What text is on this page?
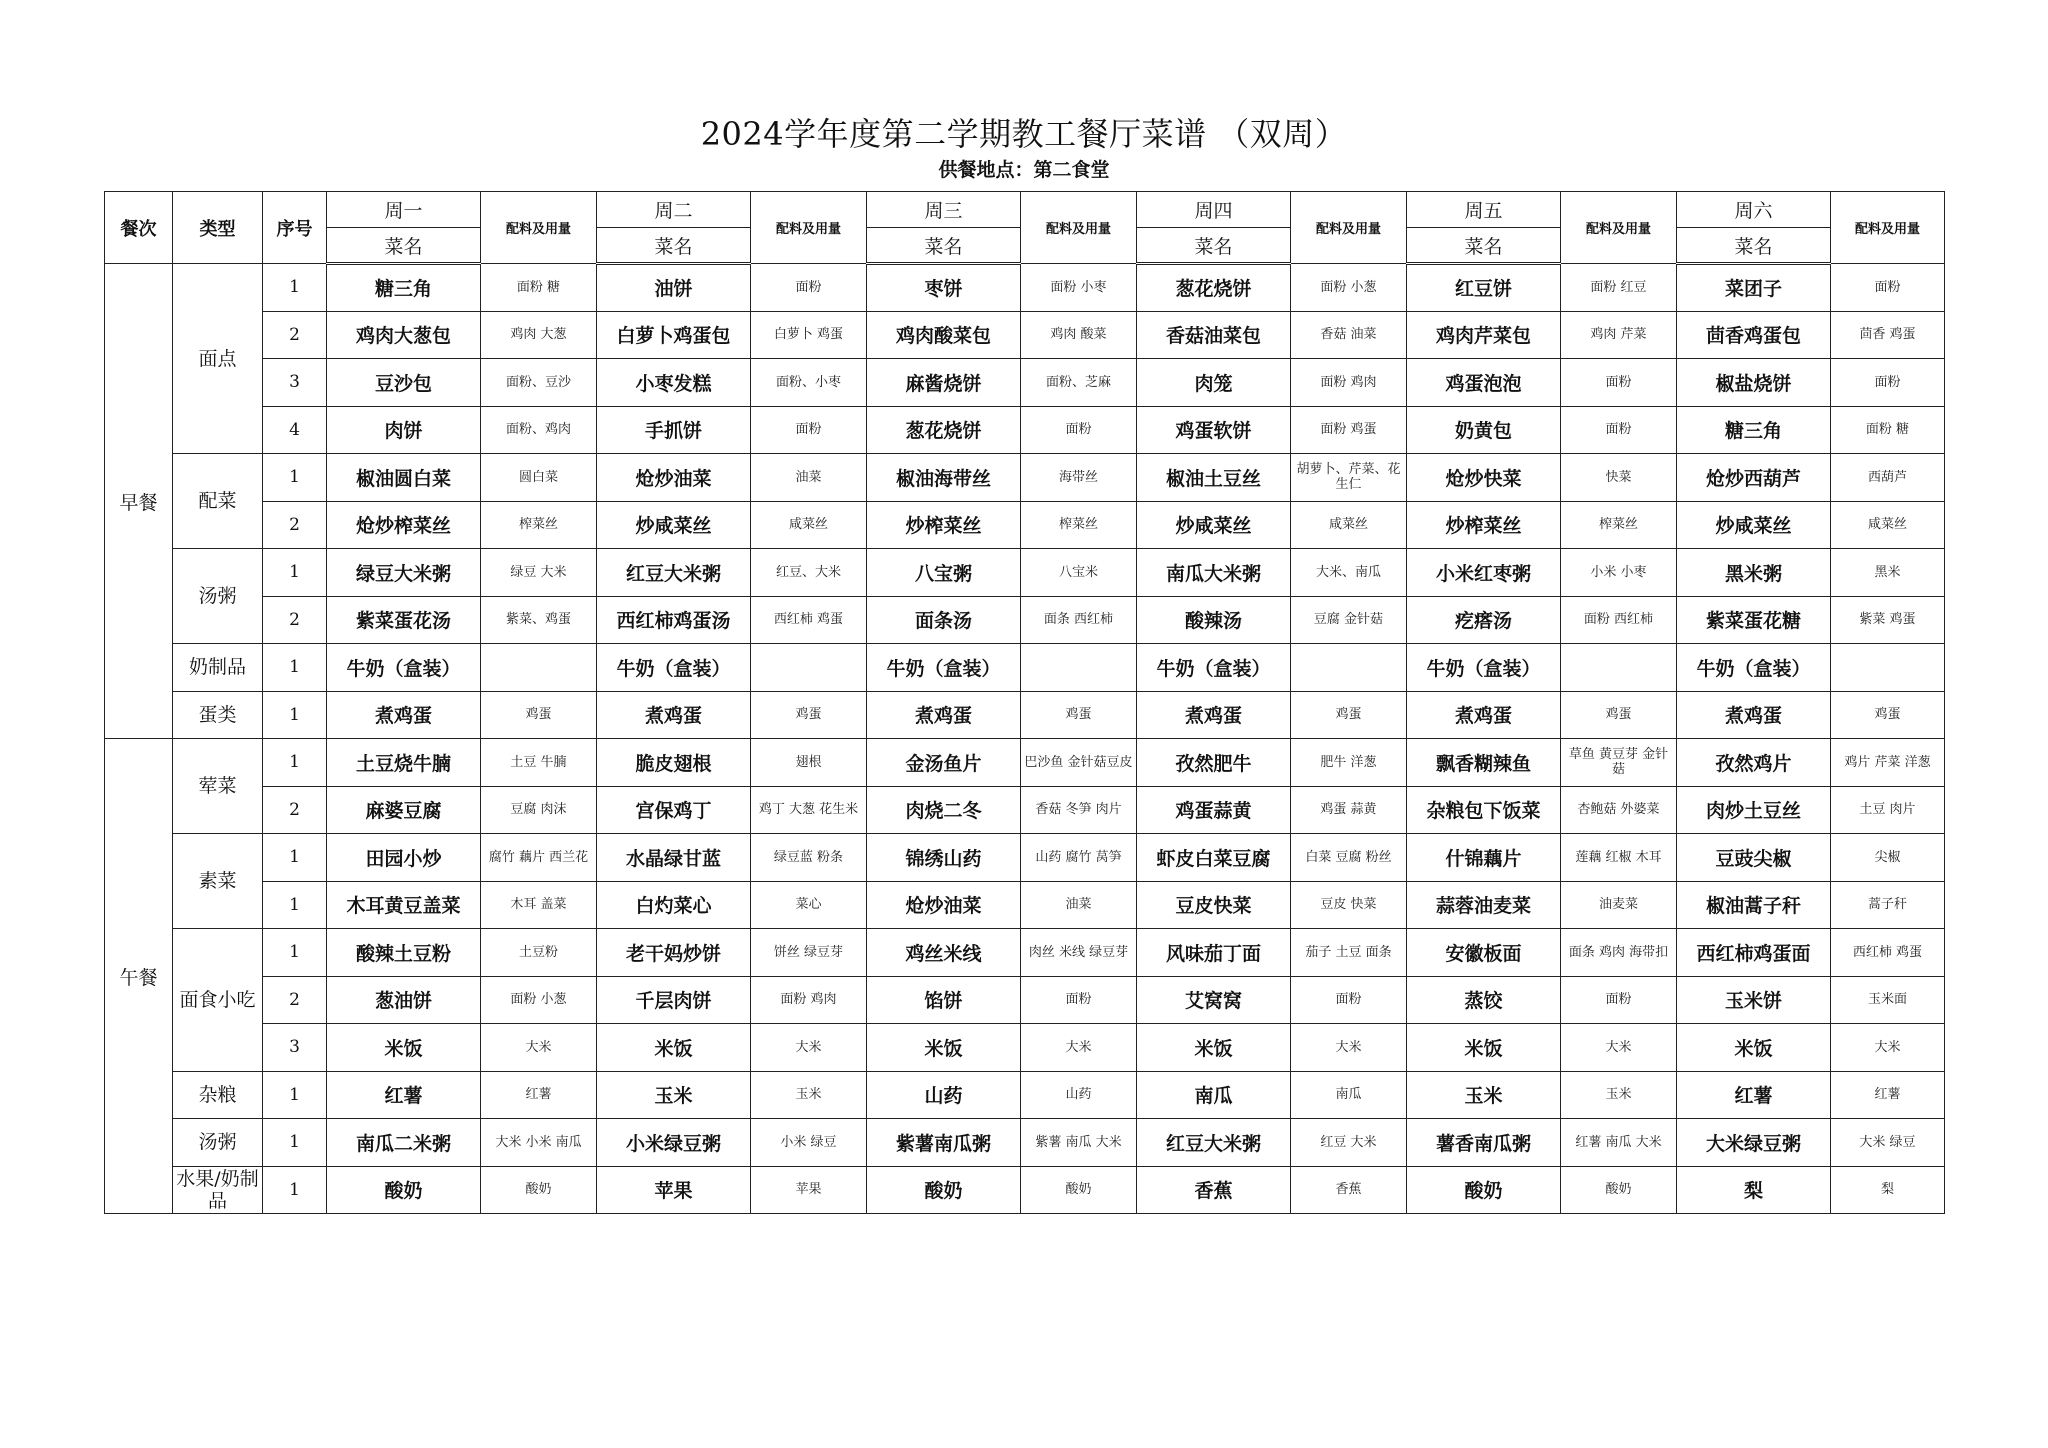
2024学年度第二学期教工餐厅菜谱 （双周）
供餐地点：第二食堂
餐次	类型	序号	周一	配料及用量	周二	配料及用量	周三	配料及用量	周四	配料及用量	周五	配料及用量	周六	配料及用量
			菜名		菜名		菜名		菜名		菜名		菜名	
早餐	面点	1	糖三角	面粉 糖	油饼	面粉	枣饼	面粉 小枣	葱花烧饼	面粉 小葱	红豆饼	面粉 红豆	菜团子	面粉
		2	鸡肉大葱包	鸡肉 大葱	白萝卜鸡蛋包	白萝卜 鸡蛋	鸡肉酸菜包	鸡肉 酸菜	香菇油菜包	香菇 油菜	鸡肉芹菜包	鸡肉 芹菜	茴香鸡蛋包	茴香 鸡蛋
		3	豆沙包	面粉、豆沙	小枣发糕	面粉、小枣	麻酱烧饼	面粉、芝麻	肉笼	面粉 鸡肉	鸡蛋泡泡	面粉	椒盐烧饼	面粉
		4	肉饼	面粉、鸡肉	手抓饼	面粉	葱花烧饼	面粉	鸡蛋软饼	面粉 鸡蛋	奶黄包	面粉	糖三角	面粉 糖
	配菜	1	椒油圆白菜	圆白菜	炝炒油菜	油菜	椒油海带丝	海带丝	椒油土豆丝	胡萝卜、芹菜、花生仁	炝炒快菜	快菜	炝炒西葫芦	西葫芦
		2	炝炒榨菜丝	榨菜丝	炒咸菜丝	咸菜丝	炒榨菜丝	榨菜丝	炒咸菜丝	咸菜丝	炒榨菜丝	榨菜丝	炒咸菜丝	咸菜丝
	汤粥	1	绿豆大米粥	绿豆 大米	红豆大米粥	红豆、大米	八宝粥	八宝米	南瓜大米粥	大米、南瓜	小米红枣粥	小米 小枣	黑米粥	黑米
		2	紫菜蛋花汤	紫菜、鸡蛋	西红柿鸡蛋汤	西红柿 鸡蛋	面条汤	面条 西红柿	酸辣汤	豆腐 金针菇	疙瘩汤	面粉 西红柿	紫菜蛋花糖	紫菜 鸡蛋
	奶制品	1	牛奶（盒装）		牛奶（盒装）		牛奶（盒装）		牛奶（盒装）		牛奶（盒装）		牛奶（盒装）	
	蛋类	1	煮鸡蛋	鸡蛋	煮鸡蛋	鸡蛋	煮鸡蛋	鸡蛋	煮鸡蛋	鸡蛋	煮鸡蛋	鸡蛋	煮鸡蛋	鸡蛋
午餐	荤菜	1	土豆烧牛腩	土豆 牛腩	脆皮翅根	翅根	金汤鱼片	巴沙鱼 金针菇豆皮	孜然肥牛	肥牛 洋葱	飘香糊辣鱼	草鱼 黄豆芽 金针菇	孜然鸡片	鸡片 芹菜 洋葱
		2	麻婆豆腐	豆腐 肉沫	宫保鸡丁	鸡丁 大葱 花生米	肉烧二冬	香菇 冬笋 肉片	鸡蛋蒜黄	鸡蛋 蒜黄	杂粮包下饭菜	杏鲍菇 外婆菜	肉炒土豆丝	土豆 肉片
	素菜	1	田园小炒	腐竹 藕片 西兰花	水晶绿甘蓝	绿豆蓝 粉条	锦绣山药	山药 腐竹 莴笋	虾皮白菜豆腐	白菜 豆腐 粉丝	什锦藕片	莲藕 红椒 木耳	豆豉尖椒	尖椒
		1	木耳黄豆盖菜	木耳 盖菜	白灼菜心	菜心	炝炒油菜	油菜	豆皮快菜	豆皮 快菜	蒜蓉油麦菜	油麦菜	椒油蒿子秆	蒿子秆
	面食小吃	1	酸辣土豆粉	土豆粉	老干妈炒饼	饼丝 绿豆芽	鸡丝米线	肉丝 米线 绿豆芽	风味茄丁面	茄子 土豆 面条	安徽板面	面条 鸡肉 海带扣	西红柿鸡蛋面	西红柿 鸡蛋
		2	葱油饼	面粉 小葱	千层肉饼	面粉 鸡肉	馅饼	面粉	艾窝窝	面粉	蒸饺	面粉	玉米饼	玉米面
		3	米饭	大米	米饭	大米	米饭	大米	米饭	大米	米饭	大米	米饭	大米
	杂粮	1	红薯	红薯	玉米	玉米	山药	山药	南瓜	南瓜	玉米	玉米	红薯	红薯
	汤粥	1	南瓜二米粥	大米 小米 南瓜	小米绿豆粥	小米 绿豆	紫薯南瓜粥	紫薯 南瓜 大米	红豆大米粥	红豆 大米	薯香南瓜粥	红薯 南瓜 大米	大米绿豆粥	大米 绿豆
	水果/奶制品	1	酸奶	酸奶	苹果	苹果	酸奶	酸奶	香蕉	香蕉	酸奶	酸奶	梨	梨
